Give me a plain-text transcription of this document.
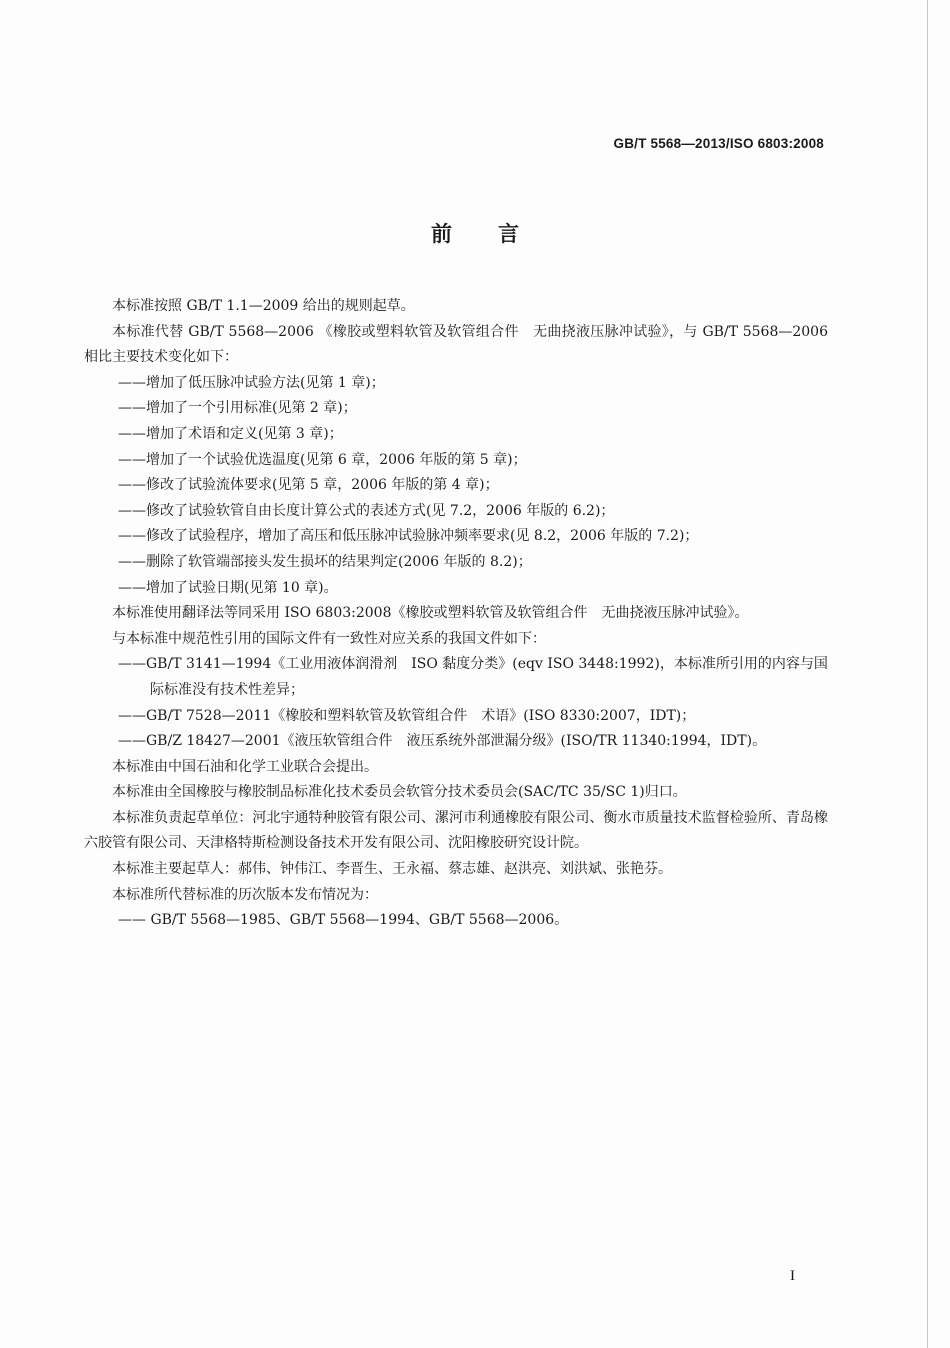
GB/T 5568—2013/ISO 6803:2008
前言

本标准按照 GB/T 1.1—2009 给出的规则起草。

本标准代替 GB/T 5568—2006 《橡胶或塑料软管及软管组合件　无曲挠液压脉冲试验》，与 GB/T 5568—2006 相比主要技术变化如下：

——增加了低压脉冲试验方法(见第 1 章)；

——增加了一个引用标准(见第 2 章)；

——增加了术语和定义(见第 3 章)；

——增加了一个试验优选温度(见第 6 章，2006 年版的第 5 章)；

——修改了试验流体要求(见第 5 章，2006 年版的第 4 章)；

——修改了试验软管自由长度计算公式的表述方式(见 7.2，2006 年版的 6.2)；

——修改了试验程序，增加了高压和低压脉冲试验脉冲频率要求(见 8.2，2006 年版的 7.2)；

——删除了软管端部接头发生损坏的结果判定(2006 年版的 8.2)；

——增加了试验日期(见第 10 章)。

本标准使用翻译法等同采用 ISO 6803:2008《橡胶或塑料软管及软管组合件　无曲挠液压脉冲试验》。

与本标准中规范性引用的国际文件有一致性对应关系的我国文件如下：

——GB/T 3141—1994《工业用液体润滑剂　ISO 黏度分类》(eqv ISO 3448:1992)，本标准所引用的内容与国际标准没有技术性差异；

——GB/T 7528—2011《橡胶和塑料软管及软管组合件　术语》(ISO 8330:2007，IDT)；

——GB/Z 18427—2001《液压软管组合件　液压系统外部泄漏分级》(ISO/TR 11340:1994，IDT)。

本标准由中国石油和化学工业联合会提出。

本标准由全国橡胶与橡胶制品标准化技术委员会软管分技术委员会(SAC/TC 35/SC 1)归口。

本标准负责起草单位：河北宇通特种胶管有限公司、漯河市利通橡胶有限公司、衡水市质量技术监督检验所、青岛橡六胶管有限公司、天津格特斯检测设备技术开发有限公司、沈阳橡胶研究设计院。

本标准主要起草人：郝伟、钟伟江、李晋生、王永福、蔡志雄、赵洪亮、刘洪斌、张艳芬。

本标准所代替标准的历次版本发布情况为：

—— GB/T 5568—1985、GB/T 5568—1994、GB/T 5568—2006。

I
